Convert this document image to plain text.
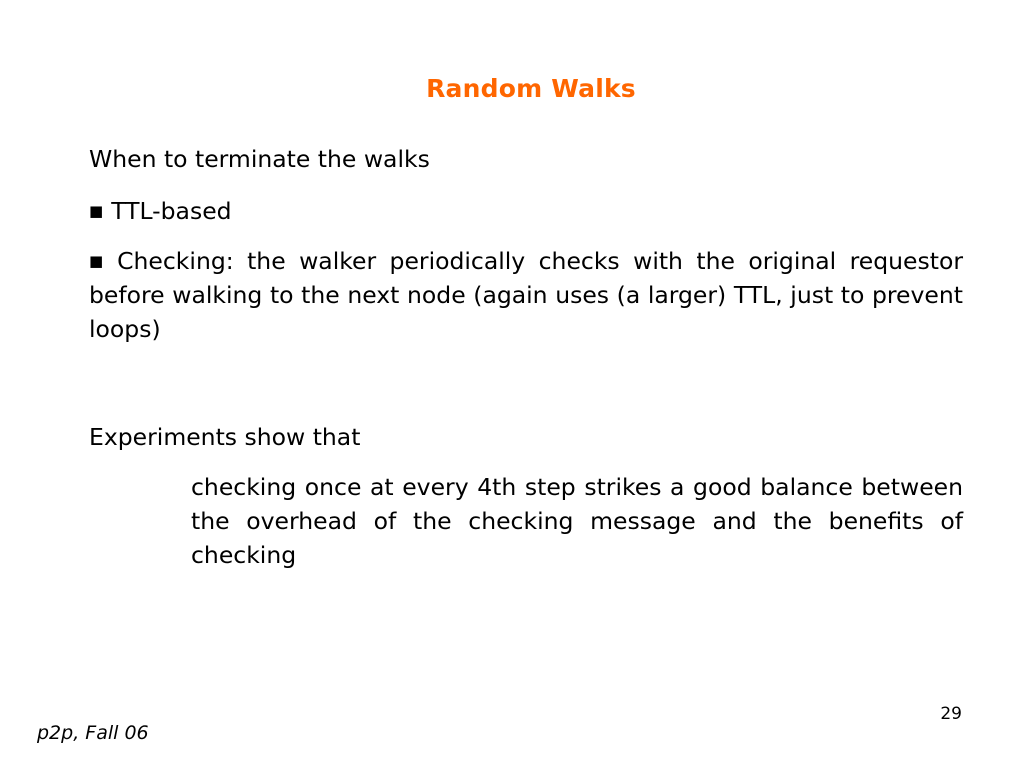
Random Walks

When to terminate the walks

■ TTL-based

■ Checking: the walker periodically checks with the original requestor before walking to the next node (again uses (a larger) TTL, just to prevent loops)

Experiments show that

checking once at every 4th step strikes a good balance between the overhead of the checking message and the benefits of checking

p2p, Fall 06
29
